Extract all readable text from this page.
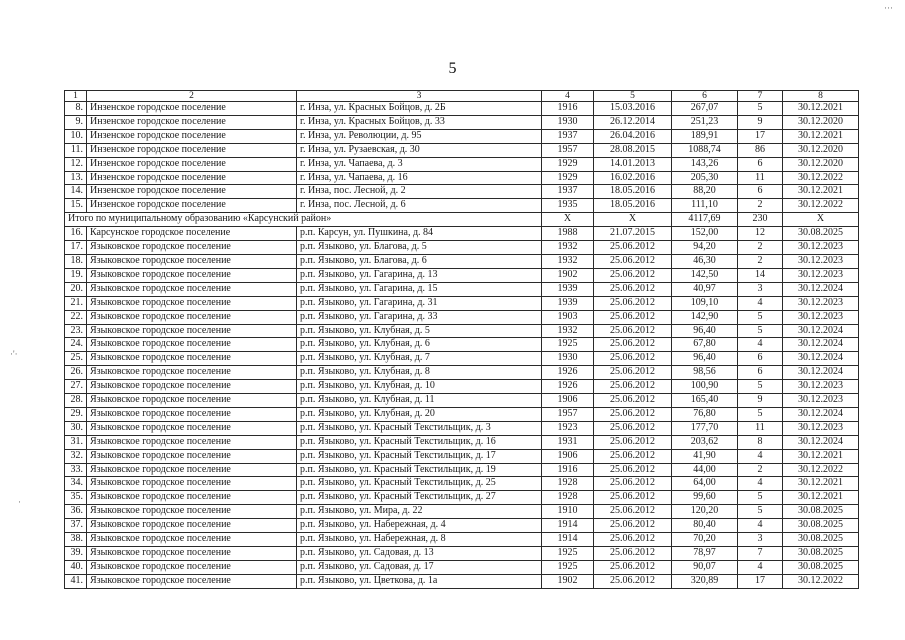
5
···
·'·
·
1	2	3	4	5	6	7	8
8.	Инзенское городское поселение	г. Инза, ул. Красных Бойцов, д. 2Б	1916	15.03.2016	267,07	5	30.12.2021
9.	Инзенское городское поселение	г. Инза, ул. Красных Бойцов, д. 33	1930	26.12.2014	251,23	9	30.12.2020
10.	Инзенское городское поселение	г. Инза, ул. Революции, д. 95	1937	26.04.2016	189,91	17	30.12.2021
11.	Инзенское городское поселение	г. Инза, ул. Рузаевская, д. 30	1957	28.08.2015	1088,74	86	30.12.2020
12.	Инзенское городское поселение	г. Инза, ул. Чапаева, д. 3	1929	14.01.2013	143,26	6	30.12.2020
13.	Инзенское городское поселение	г. Инза, ул. Чапаева, д. 16	1929	16.02.2016	205,30	11	30.12.2022
14.	Инзенское городское поселение	г. Инза, пос. Лесной, д. 2	1937	18.05.2016	88,20	6	30.12.2021
15.	Инзенское городское поселение	г. Инза, пос. Лесной, д. 6	1935	18.05.2016	111,10	2	30.12.2022
Итого по муниципальному образованию «Карсунский район»			X	X	4117,69	230	X
16.	Карсунское городское поселение	р.п. Карсун, ул. Пушкина, д. 84	1988	21.07.2015	152,00	12	30.08.2025
17.	Языковское городское поселение	р.п. Языково, ул. Благова, д. 5	1932	25.06.2012	94,20	2	30.12.2023
18.	Языковское городское поселение	р.п. Языково, ул. Благова, д. 6	1932	25.06.2012	46,30	2	30.12.2023
19.	Языковское городское поселение	р.п. Языково, ул. Гагарина, д. 13	1902	25.06.2012	142,50	14	30.12.2023
20.	Языковское городское поселение	р.п. Языково, ул. Гагарина, д. 15	1939	25.06.2012	40,97	3	30.12.2024
21.	Языковское городское поселение	р.п. Языково, ул. Гагарина, д. 31	1939	25.06.2012	109,10	4	30.12.2023
22.	Языковское городское поселение	р.п. Языково, ул. Гагарина, д. 33	1903	25.06.2012	142,90	5	30.12.2023
23.	Языковское городское поселение	р.п. Языково, ул. Клубная, д. 5	1932	25.06.2012	96,40	5	30.12.2024
24.	Языковское городское поселение	р.п. Языково, ул. Клубная, д. 6	1925	25.06.2012	67,80	4	30.12.2024
25.	Языковское городское поселение	р.п. Языково, ул. Клубная, д. 7	1930	25.06.2012	96,40	6	30.12.2024
26.	Языковское городское поселение	р.п. Языково, ул. Клубная, д. 8	1926	25.06.2012	98,56	6	30.12.2024
27.	Языковское городское поселение	р.п. Языково, ул. Клубная, д. 10	1926	25.06.2012	100,90	5	30.12.2023
28.	Языковское городское поселение	р.п. Языково, ул. Клубная, д. 11	1906	25.06.2012	165,40	9	30.12.2023
29.	Языковское городское поселение	р.п. Языково, ул. Клубная, д. 20	1957	25.06.2012	76,80	5	30.12.2024
30.	Языковское городское поселение	р.п. Языково, ул. Красный Текстильщик, д. 3	1923	25.06.2012	177,70	11	30.12.2023
31.	Языковское городское поселение	р.п. Языково, ул. Красный Текстильщик, д. 16	1931	25.06.2012	203,62	8	30.12.2024
32.	Языковское городское поселение	р.п. Языково, ул. Красный Текстильщик, д. 17	1906	25.06.2012	41,90	4	30.12.2021
33.	Языковское городское поселение	р.п. Языково, ул. Красный Текстильщик, д. 19	1916	25.06.2012	44,00	2	30.12.2022
34.	Языковское городское поселение	р.п. Языково, ул. Красный Текстильщик, д. 25	1928	25.06.2012	64,00	4	30.12.2021
35.	Языковское городское поселение	р.п. Языково, ул. Красный Текстильщик, д. 27	1928	25.06.2012	99,60	5	30.12.2021
36.	Языковское городское поселение	р.п. Языково, ул. Мира, д. 22	1910	25.06.2012	120,20	5	30.08.2025
37.	Языковское городское поселение	р.п. Языково, ул. Набережная, д. 4	1914	25.06.2012	80,40	4	30.08.2025
38.	Языковское городское поселение	р.п. Языково, ул. Набережная, д. 8	1914	25.06.2012	70,20	3	30.08.2025
39.	Языковское городское поселение	р.п. Языково, ул. Садовая, д. 13	1925	25.06.2012	78,97	7	30.08.2025
40.	Языковское городское поселение	р.п. Языково, ул. Садовая, д. 17	1925	25.06.2012	90,07	4	30.08.2025
41.	Языковское городское поселение	р.п. Языково, ул. Цветкова, д. 1а	1902	25.06.2012	320,89	17	30.12.2022
